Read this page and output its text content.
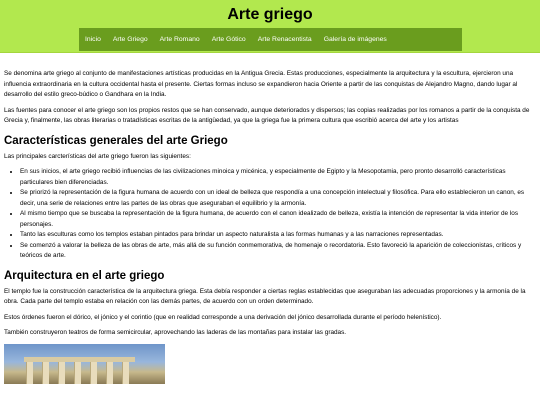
Arte griego
Inicio Arte Griego Arte Romano Arte Gótico Arte Renacentista Galería de imágenes

Se denomina arte griego al conjunto de manifestaciones artísticas producidas en la Antigua Grecia. Estas producciones, especialmente la arquitectura y la escultura, ejercieron una influencia extraordinaria en la cultura occidental hasta el presente. Ciertas formas incluso se expandieron hacia Oriente a partir de las conquistas de Alejandro Magno, dando lugar al desarrollo del estilo greco-búdico o Gandhara en la India.

Las fuentes para conocer el arte griego son los propios restos que se han conservado, aunque deteriorados y dispersos; las copias realizadas por los romanos a partir de la conquista de Grecia y, finalmente, las obras literarias o tratadísticas escritas de la antigüedad, ya que la griega fue la primera cultura que escribió acerca del arte y los artistas

Características generales del arte Griego

Las principales carcterísticas del arte griego fueron las siguientes:

• En sus inicios, el arte griego recibió influencias de las civilizaciones minoica y micénica, y especialmente de Egipto y la Mesopotamia, pero pronto desarrolló características particulares bien diferenciadas.
• Se priorizó la representación de la figura humana de acuerdo con un ideal de belleza que respondía a una concepción intelectual y filosófica. Para ello establecieron un canon, es decir, una serie de relaciones entre las partes de las obras que aseguraban el equilibrio y la armonía.
• Al mismo tiempo que se buscaba la representación de la figura humana, de acuerdo con el canon idealizado de belleza, existía la intención de representar la vida interior de los personajes.
• Tanto las esculturas como los templos estaban pintados para brindar un aspecto naturalista a las formas humanas y a las narraciones representadas.
• Se comenzó a valorar la belleza de las obras de arte, más allá de su función conmemorativa, de homenaje o recordatoria. Esto favoreció la aparición de coleccionistas, críticos y teóricos de arte.
Arquitectura en el arte griego

El templo fue la construcción característica de la arquitectura griega. Esta debía responder a ciertas reglas establecidas que aseguraban las adecuadas proporciones y la armonía de la obra. Cada parte del templo estaba en relación con las demás partes, de acuerdo con un orden determinado.

Estos órdenes fueron el dórico, el jónico y el corintio (que en realidad corresponde a una derivación del jónico desarrollada durante el período helenístico).

También construyeron teatros de forma semicircular, aprovechando las laderas de las montañas para instalar las gradas.
